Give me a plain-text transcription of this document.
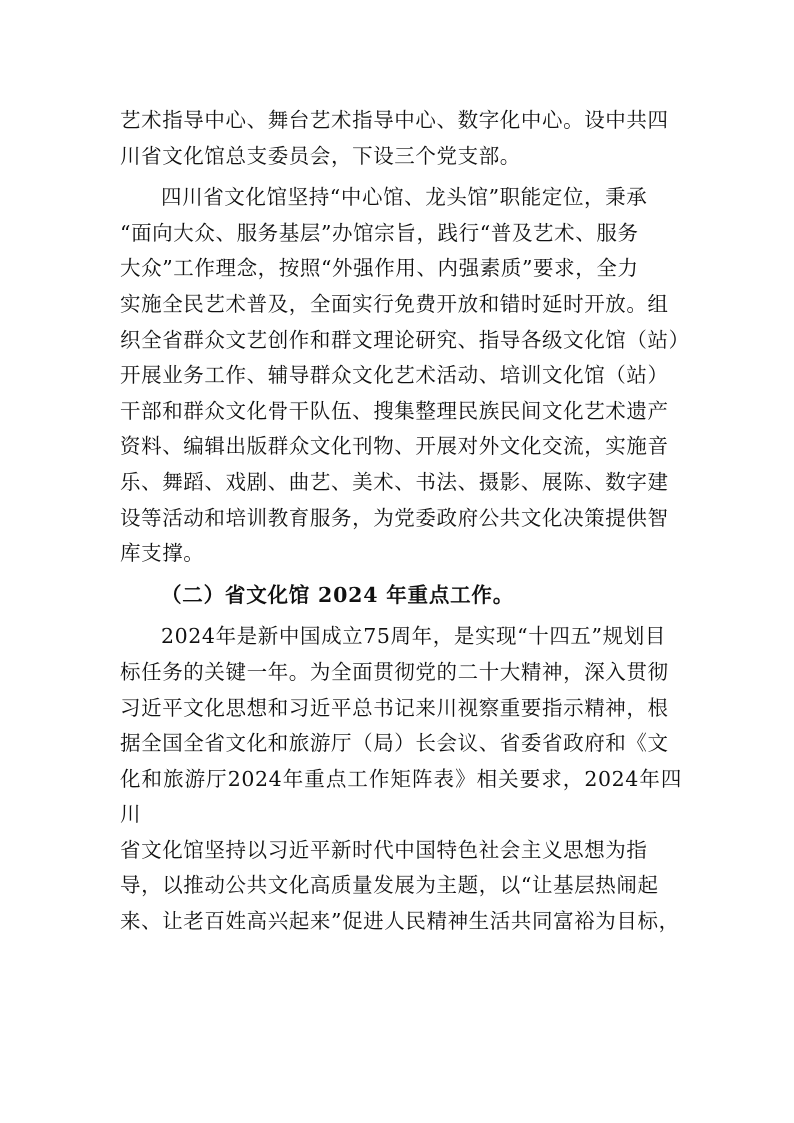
艺术指导中心、舞台艺术指导中心、数字化中心。设中共四
川省文化馆总支委员会，下设三个党支部。

四川省文化馆坚持“中心馆、龙头馆”职能定位，秉承
“面向大众、服务基层”办馆宗旨，践行“普及艺术、服务
大众”工作理念，按照“外强作用、内强素质”要求，全力
实施全民艺术普及，全面实行免费开放和错时延时开放。组
织全省群众文艺创作和群文理论研究、指导各级文化馆（站）
开展业务工作、辅导群众文化艺术活动、培训文化馆（站）
干部和群众文化骨干队伍、搜集整理民族民间文化艺术遗产
资料、编辑出版群众文化刊物、开展对外文化交流，实施音
乐、舞蹈、戏剧、曲艺、美术、书法、摄影、展陈、数字建
设等活动和培训教育服务，为党委政府公共文化决策提供智
库支撑。

（二）省文化馆 2024 年重点工作。

2024年是新中国成立75周年，是实现“十四五”规划目
标任务的关键一年。为全面贯彻党的二十大精神，深入贯彻
习近平文化思想和习近平总书记来川视察重要指示精神，根
据全国全省文化和旅游厅（局）长会议、省委省政府和《文
化和旅游厅2024年重点工作矩阵表》相关要求，2024年四川
省文化馆坚持以习近平新时代中国特色社会主义思想为指
导，以推动公共文化高质量发展为主题，以“让基层热闹起
来、让老百姓高兴起来”促进人民精神生活共同富裕为目标，
